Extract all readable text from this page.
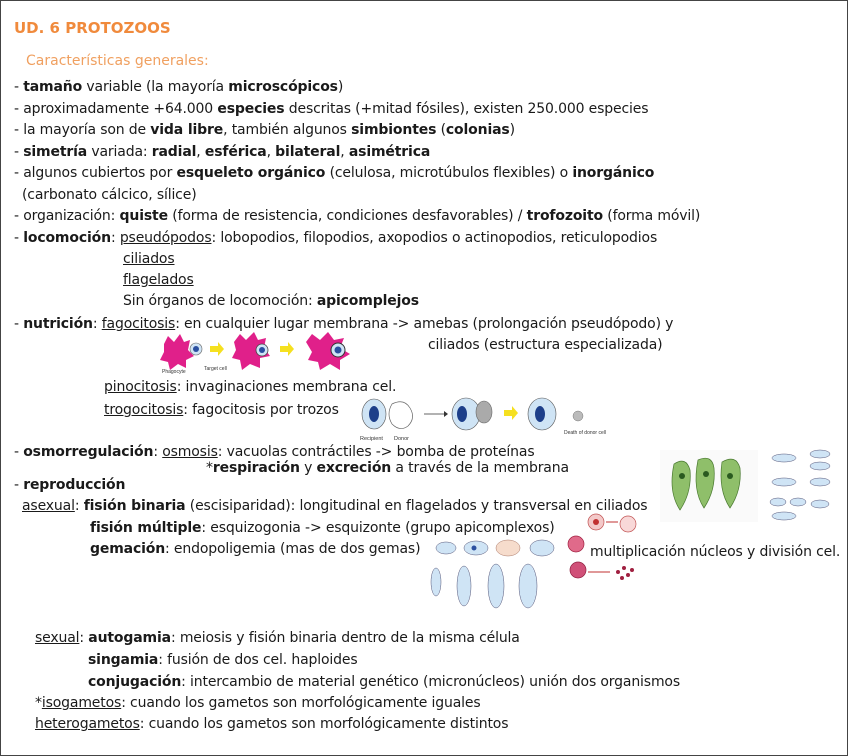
UD. 6 PROTOZOOS
Características generales:
- tamaño variable (la mayoría microscópicos)
- aproximadamente +64.000 especies descritas (+mitad fósiles), existen 250.000 especies
- la mayoría son de vida libre, también algunos simbiontes (colonias)
- simetría variada: radial, esférica, bilateral, asimétrica
- algunos cubiertos por esqueleto orgánico (celulosa, microtúbulos flexibles) o inorgánico
(carbonato cálcico, sílice)
- organización: quiste (forma de resistencia, condiciones desfavorables) / trofozoito (forma móvil)
- locomoción: pseudópodos: lobopodios, filopodios, axopodios o actinopodios, reticulopodios
ciliados
flagelados
Sin órganos de locomoción: apicomplejos
- nutrición: fagocitosis: en cualquier lugar membrana -> amebas (prolongación pseudópodo) y
ciliados (estructura especializada)
Phagocyte	Target cell
pinocitosis: invaginaciones membrana cel.
trogocitosis: fagocitosis por trozos
Recipient Donor
Death of donor cell
- osmorregulación: osmosis: vacuolas contráctiles -> bomba de proteínas
*respiración y excreción a través de la membrana
- reproducción
asexual: fisión binaria (escisiparidad): longitudinal en flagelados y transversal en ciliados
fisión múltiple: esquizogonia -> esquizonte (grupo apicomplexos)
gemación: endopoligemia (mas de dos gemas)	multiplicación núcleos y división cel.
sexual: autogamia: meiosis y fisión binaria dentro de la misma célula
singamia: fusión de dos cel. haploides
conjugación: intercambio de material genético (micronúcleos) unión dos organismos
*isogametos: cuando los gametos son morfológicamente iguales
heterogametos: cuando los gametos son morfológicamente distintos
